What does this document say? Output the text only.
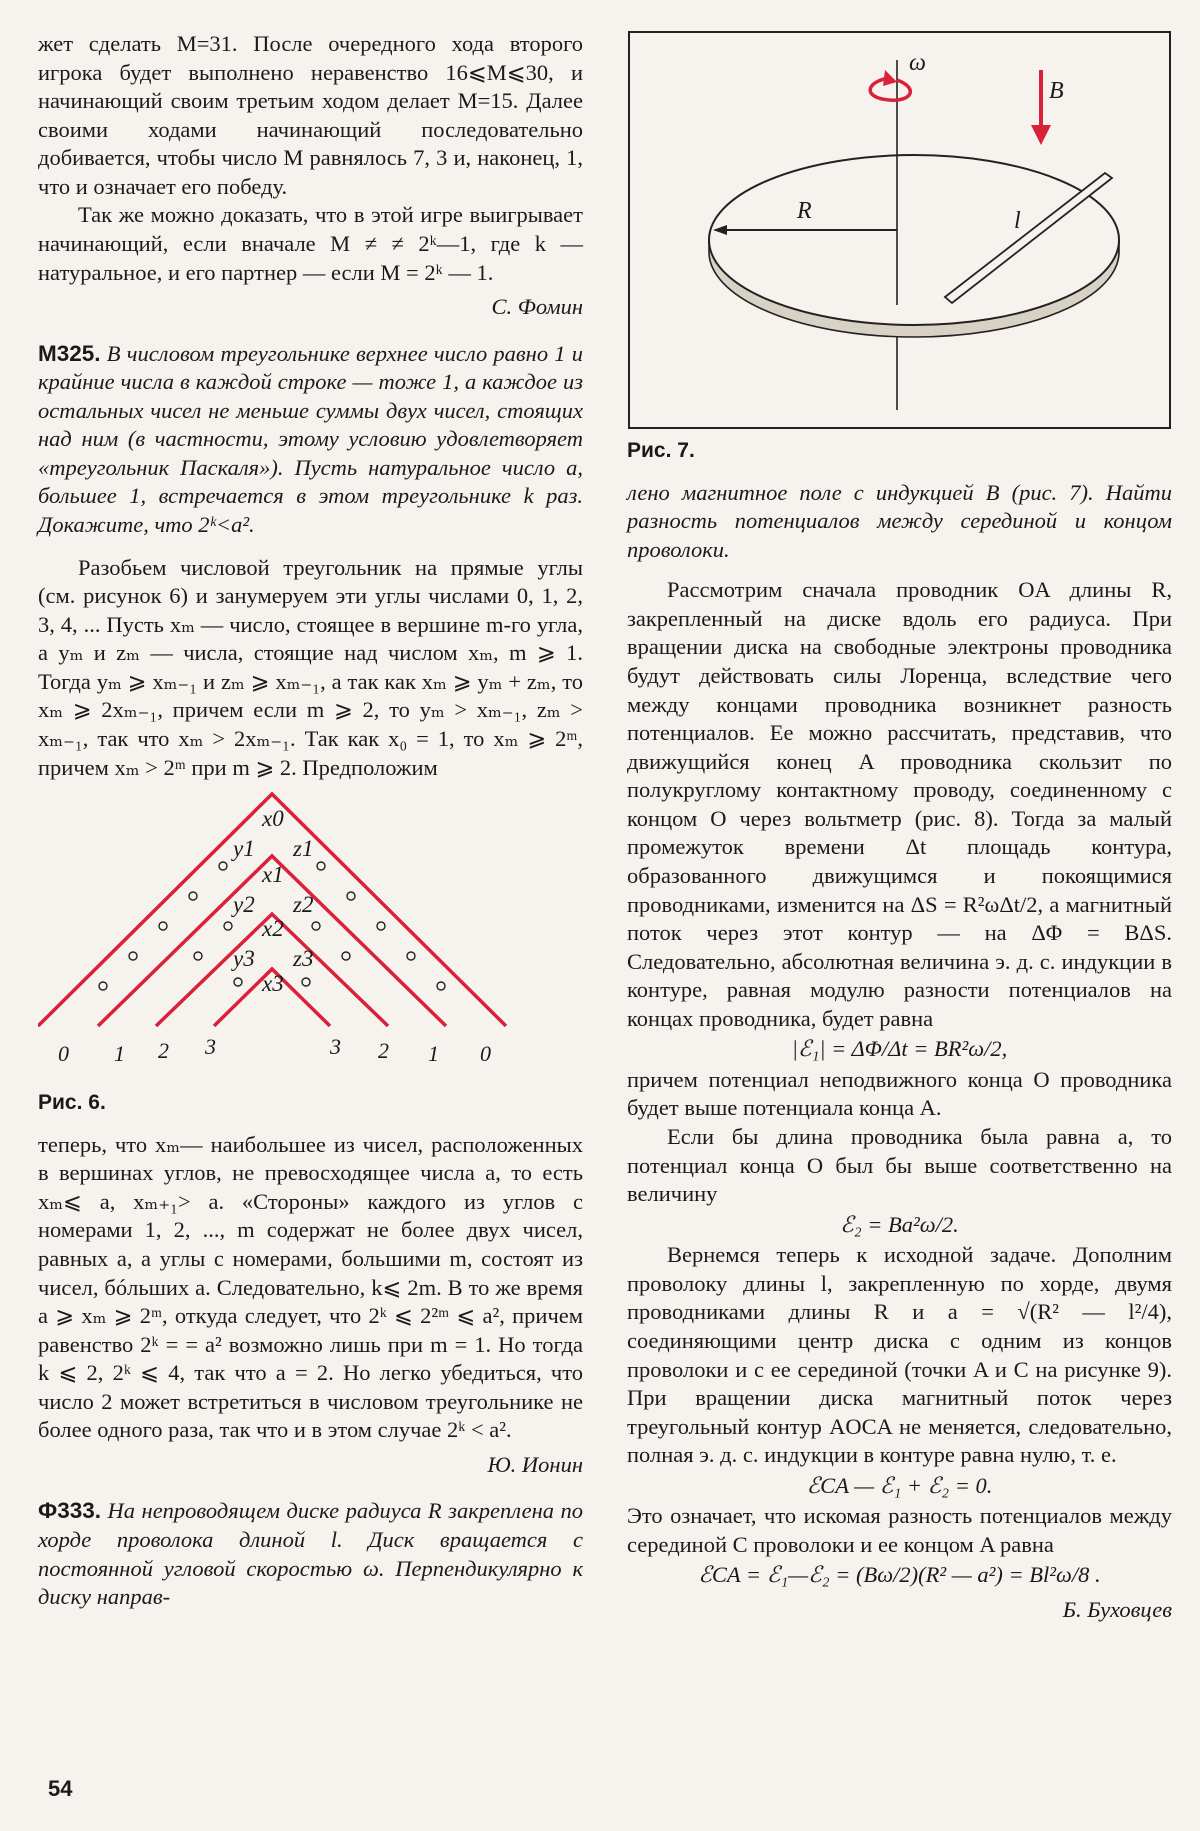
жет сделать M=31. После очередного хода второго игрока будет выполнено неравенство 16⩽M⩽30, и начинающий своим третьим ходом делает M=15. Далее своими ходами начинающий последовательно добивается, чтобы число M равнялось 7, 3 и, наконец, 1, что и означает его победу.

Так же можно доказать, что в этой игре выигрывает начинающий, если вначале M ≠ ≠ 2ᵏ—1, где k — натуральное, и его партнер — если M = 2ᵏ — 1.

С. Фомин

М325. В числовом треугольнике верхнее число равно 1 и крайние числа в каждой строке — тоже 1, а каждое из остальных чисел не меньше суммы двух чисел, стоящих над ним (в частности, этому условию удовлетворяет «треугольник Паскаля»). Пусть натуральное число a, большее 1, встречается в этом треугольнике k раз. Докажите, что 2ᵏ<a².

Разобьем числовой треугольник на прямые углы (см. рисунок 6) и занумеруем эти углы числами 0, 1, 2, 3, 4, ... Пусть xₘ — число, стоящее в вершине m-го угла, а yₘ и zₘ — числа, стоящие над числом xₘ, m ⩾ 1. Тогда yₘ ⩾ xₘ₋₁ и zₘ ⩾ xₘ₋₁, а так как xₘ ⩾ yₘ + zₘ, то xₘ ⩾ 2xₘ₋₁, причем если m ⩾ 2, то yₘ > xₘ₋₁, zₘ > xₘ₋₁, так что xₘ > 2xₘ₋₁. Так как x₀ = 1, то xₘ ⩾ 2ᵐ, причем xₘ > 2ᵐ при m ⩾ 2. Предположим

x0
y1 z1
x1
y2 z2
x2
y3 z3
x3
0 1 2 3	3 2 1 0

Рис. 6.

теперь, что xₘ— наибольшее из чисел, расположенных в вершинах углов, не превосходящее числа a, то есть xₘ⩽ a, xₘ₊₁> a. «Стороны» каждого из углов с номерами 1, 2, ..., m содержат не более двух чисел, равных a, а углы с номерами, большими m, состоят из чисел, бóльших a. Следовательно, k⩽ 2m. В то же время a ⩾ xₘ ⩾ 2ᵐ, откуда следует, что 2ᵏ ⩽ 2²ᵐ ⩽ a², причем равенство 2ᵏ = = a² возможно лишь при m = 1. Но тогда k ⩽ 2, 2ᵏ ⩽ 4, так что a = 2. Но легко убедиться, что число 2 может встретиться в числовом треугольнике не более одного раза, так что и в этом случае 2ᵏ < a².

Ю. Ионин

Ф333. На непроводящем диске радиуса R закреплена по хорде проволока длиной l. Диск вращается с постоянной угловой скоростью ω. Перпендикулярно к диску направ-

ω
B
R	l

Рис. 7.

лено магнитное поле с индукцией B (рис. 7). Найти разность потенциалов между серединой и концом проволоки.

Рассмотрим сначала проводник OA длины R, закрепленный на диске вдоль его радиуса. При вращении диска на свободные электроны проводника будут действовать силы Лоренца, вследствие чего между концами проводника возникнет разность потенциалов. Ее можно рассчитать, представив, что движущийся конец A проводника скользит по полукруглому контактному проводу, соединенному с концом O через вольтметр (рис. 8). Тогда за малый промежуток времени Δt площадь контура, образованного движущимся и покоящимися проводниками, изменится на ΔS = R²ωΔt/2, а магнитный поток через этот контур — на ΔΦ = BΔS. Следовательно, абсолютная величина э. д. с. индукции в контуре, равная модулю разности потенциалов на концах проводника, будет равна

|ℰ₁| = ΔΦ/Δt = BR²ω/2,

причем потенциал неподвижного конца O проводника будет выше потенциала конца A.

Если бы длина проводника была равна a, то потенциал конца O был бы выше соответственно на величину

ℰ₂ = Ba²ω/2.

Вернемся теперь к исходной задаче. Дополним проволоку длины l, закрепленную по хорде, двумя проводниками длины R и a = √(R² — l²/4), соединяющими центр диска с одним из концов проволоки и с ее серединой (точки A и C на рисунке 9). При вращении диска магнитный поток через треугольный контур AOCA не меняется, следовательно, полная э. д. с. индукции в контуре равна нулю, т. е.

ℰCA — ℰ₁ + ℰ₂ = 0.

Это означает, что искомая разность потенциалов между серединой C проволоки и ее концом A равна

ℰCA = ℰ₁—ℰ₂ = (Bω/2)(R² — a²) = Bl²ω/8 .

Б. Буховцев

54
